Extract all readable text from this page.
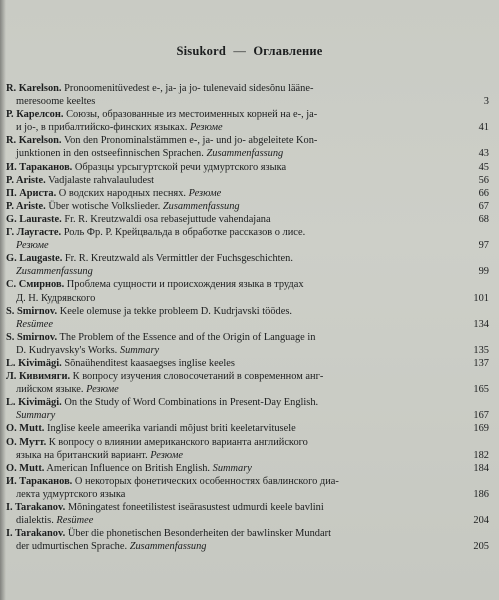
Sisukord — Оглавление
R. Karelson. Pronoomenitüvedest e-, ja- ja jo- tulenevaid sidesõnu lääne-
meresoome keeltes	3
Р. Карелсон. Союзы, образованные из местоименных корней на e-, ja-
и jo-, в прибалтийско-финских языках. Резюме	41
R. Karelson. Von den Pronominalstämmen e-, ja- und jo- abgeleitete Kon-
junktionen in den ostseefinnischen Sprachen. Zusammenfassung	43
И. Тараканов. Образцы урсыгуртской речи удмуртского языка	45
P. Ariste. Vadjalaste rahvalauludest	56
П. Ариста. О водских народных песнях. Резюме	66
P. Ariste. Über wotische Volkslieder. Zusammenfassung	67
G. Lauraste. Fr. R. Kreutzwaldi osa rebasejuttude vahendajana	68
Г. Лаугасте. Роль Фр. Р. Крейцвальда в обработке рассказов о лисе.
Резюме	97
G. Laugaste. Fr. R. Kreutzwald als Vermittler der Fuchsgeschichten.
Zusammenfassung	99
С. Смирнов. Проблема сущности и происхождения языка в трудах
Д. Н. Кудрявского	101
S. Smirnov. Keele olemuse ja tekke probleem D. Kudrjavski töödes.
Resümee	134
S. Smirnov. The Problem of the Essence and of the Origin of Language in
D. Kudryavsky's Works. Summary	135
L. Kivimägi. Sõnaühenditest kaasaegses inglise keeles	137
Л. Кивимяги. К вопросу изучения словосочетаний в современном анг-
лийском языке. Резюме	165
L. Kivimägi. On the Study of Word Combinations in Present-Day English.
Summary	167
O. Mutt. Inglise keele ameerika variandi mõjust briti keeletarvitusele	169
О. Мутт. К вопросу о влиянии американского варианта английского
языка на британский вариант. Резюме	182
O. Mutt. American Influence on British English. Summary	184
И. Тараканов. О некоторых фонетических особенностях бавлинского диа-
лекта удмуртского языка	186
I. Tarakanov. Mõningatest foneetilistest iseärasustest udmurdi keele bavlini
dialektis. Resümee	204
I. Tarakanov. Über die phonetischen Besonderheiten der bawlinsker Mundart
der udmurtischen Sprache. Zusammenfassung	205
